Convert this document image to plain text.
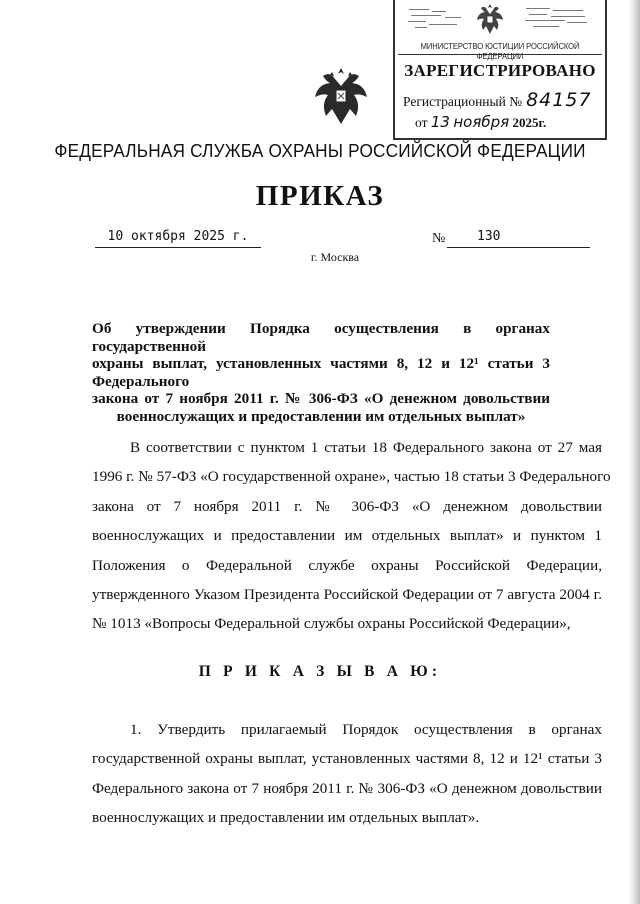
МИНИСТЕРСТВО ЮСТИЦИИ РОССИЙСКОЙ ФЕДЕРАЦИИ
ЗАРЕГИСТРИРОВАНО
Регистрационный № 84157
от 13 ноября 2025г.
ФЕДЕРАЛЬНАЯ СЛУЖБА ОХРАНЫ РОССИЙСКОЙ ФЕДЕРАЦИИ
ПРИКАЗ
10 октября 2025 г.	№	130
г. Москва
Об утверждении Порядка осуществления в органах государственной
охраны выплат, установленных частями 8, 12 и 12¹ статьи 3 Федерального
закона от 7 ноября 2011 г. № 306-ФЗ «О денежном довольствии
военнослужащих и предоставлении им отдельных выплат»
В соответствии с пунктом 1 статьи 18 Федерального закона от 27 мая
1996 г. № 57-ФЗ «О государственной охране», частью 18 статьи 3 Федерального
закона от 7 ноября 2011 г. № 306-ФЗ «О денежном довольствии
военнослужащих и предоставлении им отдельных выплат» и пунктом 1
Положения о Федеральной службе охраны Российской Федерации,
утвержденного Указом Президента Российской Федерации от 7 августа 2004 г.
№ 1013 «Вопросы Федеральной службы охраны Российской Федерации»,
П Р И К А З Ы В А Ю:
1. Утвердить прилагаемый Порядок осуществления в органах
государственной охраны выплат, установленных частями 8, 12 и 12¹ статьи 3
Федерального закона от 7 ноября 2011 г. № 306-ФЗ «О денежном довольствии
военнослужащих и предоставлении им отдельных выплат».
